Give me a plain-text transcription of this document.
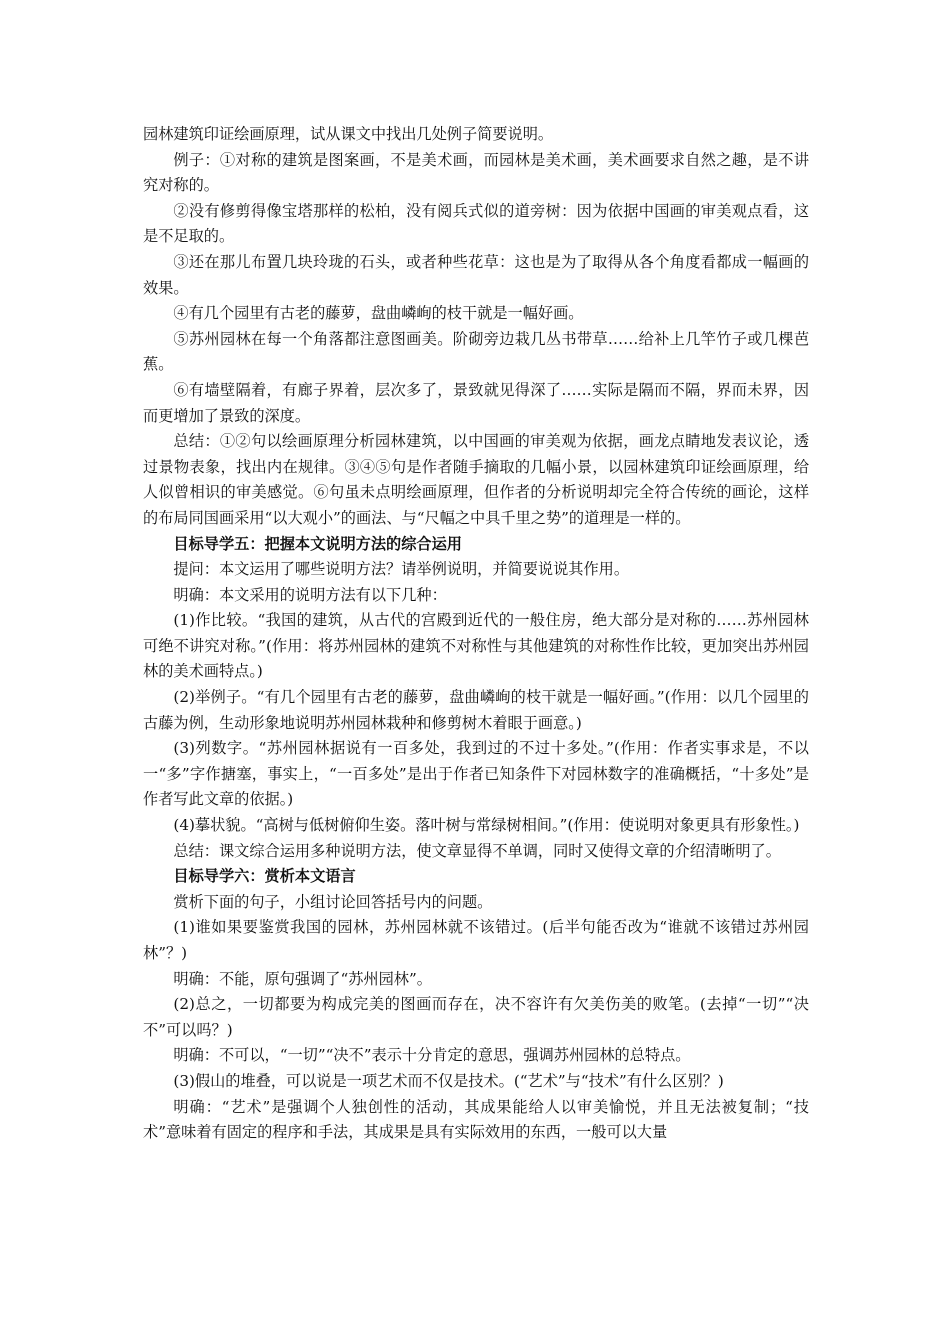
园林建筑印证绘画原理，试从课文中找出几处例子简要说明。

例子：①对称的建筑是图案画，不是美术画，而园林是美术画，美术画要求自然之趣，是不讲究对称的。

②没有修剪得像宝塔那样的松柏，没有阅兵式似的道旁树：因为依据中国画的审美观点看，这是不足取的。

③还在那儿布置几块玲珑的石头，或者种些花草：这也是为了取得从各个角度看都成一幅画的效果。

④有几个园里有古老的藤萝，盘曲嶙峋的枝干就是一幅好画。

⑤苏州园林在每一个角落都注意图画美。阶砌旁边栽几丛书带草……给补上几竿竹子或几棵芭蕉。

⑥有墙壁隔着，有廊子界着，层次多了，景致就见得深了……实际是隔而不隔，界而未界，因而更增加了景致的深度。

总结：①②句以绘画原理分析园林建筑，以中国画的审美观为依据，画龙点睛地发表议论，透过景物表象，找出内在规律。③④⑤句是作者随手摘取的几幅小景，以园林建筑印证绘画原理，给人似曾相识的审美感觉。⑥句虽未点明绘画原理，但作者的分析说明却完全符合传统的画论，这样的布局同国画采用“以大观小”的画法、与“尺幅之中具千里之势”的道理是一样的。

目标导学五：把握本文说明方法的综合运用

提问：本文运用了哪些说明方法？请举例说明，并简要说说其作用。

明确：本文采用的说明方法有以下几种：

(1)作比较。“我国的建筑，从古代的宫殿到近代的一般住房，绝大部分是对称的……苏州园林可绝不讲究对称。”(作用：将苏州园林的建筑不对称性与其他建筑的对称性作比较，更加突出苏州园林的美术画特点。)

(2)举例子。“有几个园里有古老的藤萝，盘曲嶙峋的枝干就是一幅好画。”(作用：以几个园里的古藤为例，生动形象地说明苏州园林栽种和修剪树木着眼于画意。)

(3)列数字。“苏州园林据说有一百多处，我到过的不过十多处。”(作用：作者实事求是，不以一“多”字作搪塞，事实上，“一百多处”是出于作者已知条件下对园林数字的准确概括，“十多处”是作者写此文章的依据。)

(4)摹状貌。“高树与低树俯仰生姿。落叶树与常绿树相间。”(作用：使说明对象更具有形象性。)

总结：课文综合运用多种说明方法，使文章显得不单调，同时又使得文章的介绍清晰明了。

目标导学六：赏析本文语言

赏析下面的句子，小组讨论回答括号内的问题。

(1)谁如果要鉴赏我国的园林，苏州园林就不该错过。(后半句能否改为“谁就不该错过苏州园林”？)

明确：不能，原句强调了“苏州园林”。

(2)总之，一切都要为构成完美的图画而存在，决不容许有欠美伤美的败笔。(去掉“一切”“决不”可以吗？)

明确：不可以，“一切”“决不”表示十分肯定的意思，强调苏州园林的总特点。

(3)假山的堆叠，可以说是一项艺术而不仅是技术。(“艺术”与“技术”有什么区别？)

明确：“艺术”是强调个人独创性的活动，其成果能给人以审美愉悦，并且无法被复制；“技术”意味着有固定的程序和手法，其成果是具有实际效用的东西，一般可以大量
